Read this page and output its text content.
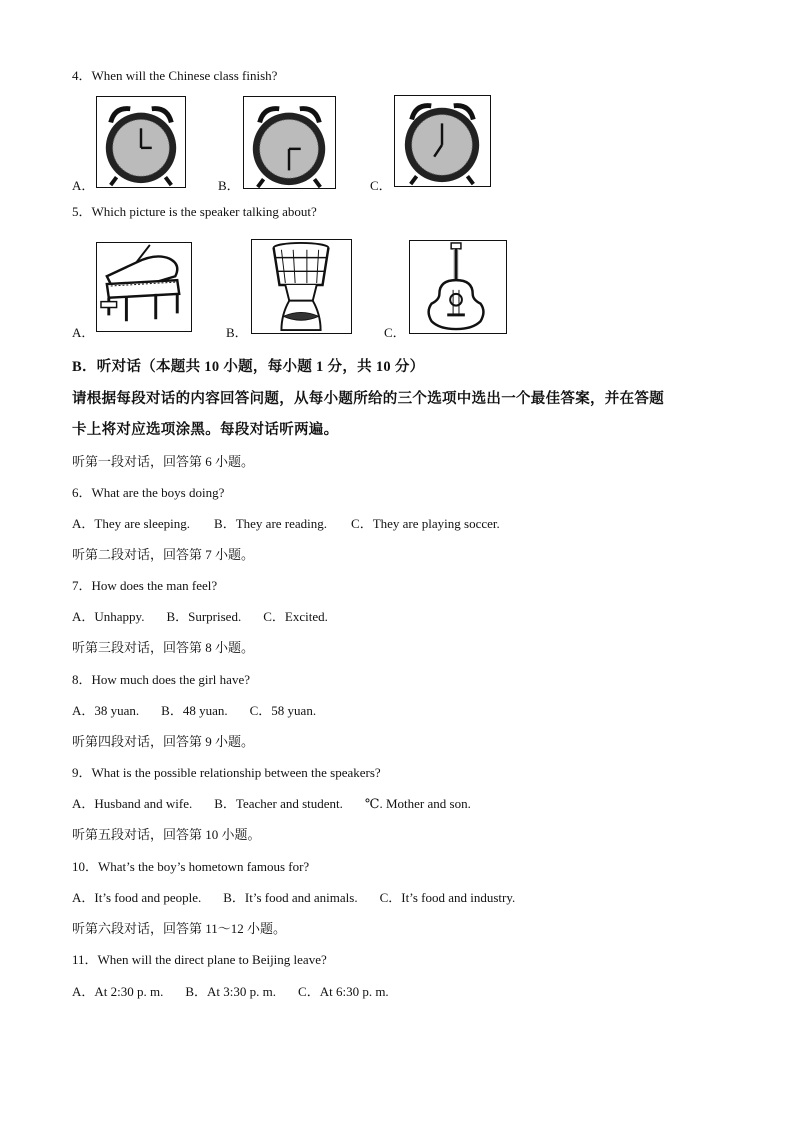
4．When will the Chinese class finish?
A．	B．	C．
5．Which picture is the speaker talking about?
A．	B．	C．
B．听对话（本题共 10 小题，每小题 1 分，共 10 分）
请根据每段对话的内容回答问题，从每小题所给的三个选项中选出一个最佳答案，并在答题
卡上将对应选项涂黑。每段对话听两遍。
听第一段对话，回答第 6 小题。
6．What are the boys doing?
A．They are sleeping. B．They are reading. C．They are playing soccer.
听第二段对话，回答第 7 小题。
7．How does the man feel?
A．Unhappy. B．Surprised. C．Excited.
听第三段对话，回答第 8 小题。
8．How much does the girl have?
A．38 yuan. B．48 yuan. C．58 yuan.
听第四段对话，回答第 9 小题。
9．What is the possible relationship between the speakers?
A．Husband and wife. B．Teacher and student. ℃. Mother and son.
听第五段对话，回答第 10 小题。
10．What’s the boy’s hometown famous for?
A．It’s food and people. B．It’s food and animals. C．It’s food and industry.
听第六段对话，回答第 11～12 小题。
11．When will the direct plane to Beijing leave?
A．At 2:30 p. m. B．At 3:30 p. m. C．At 6:30 p. m.
